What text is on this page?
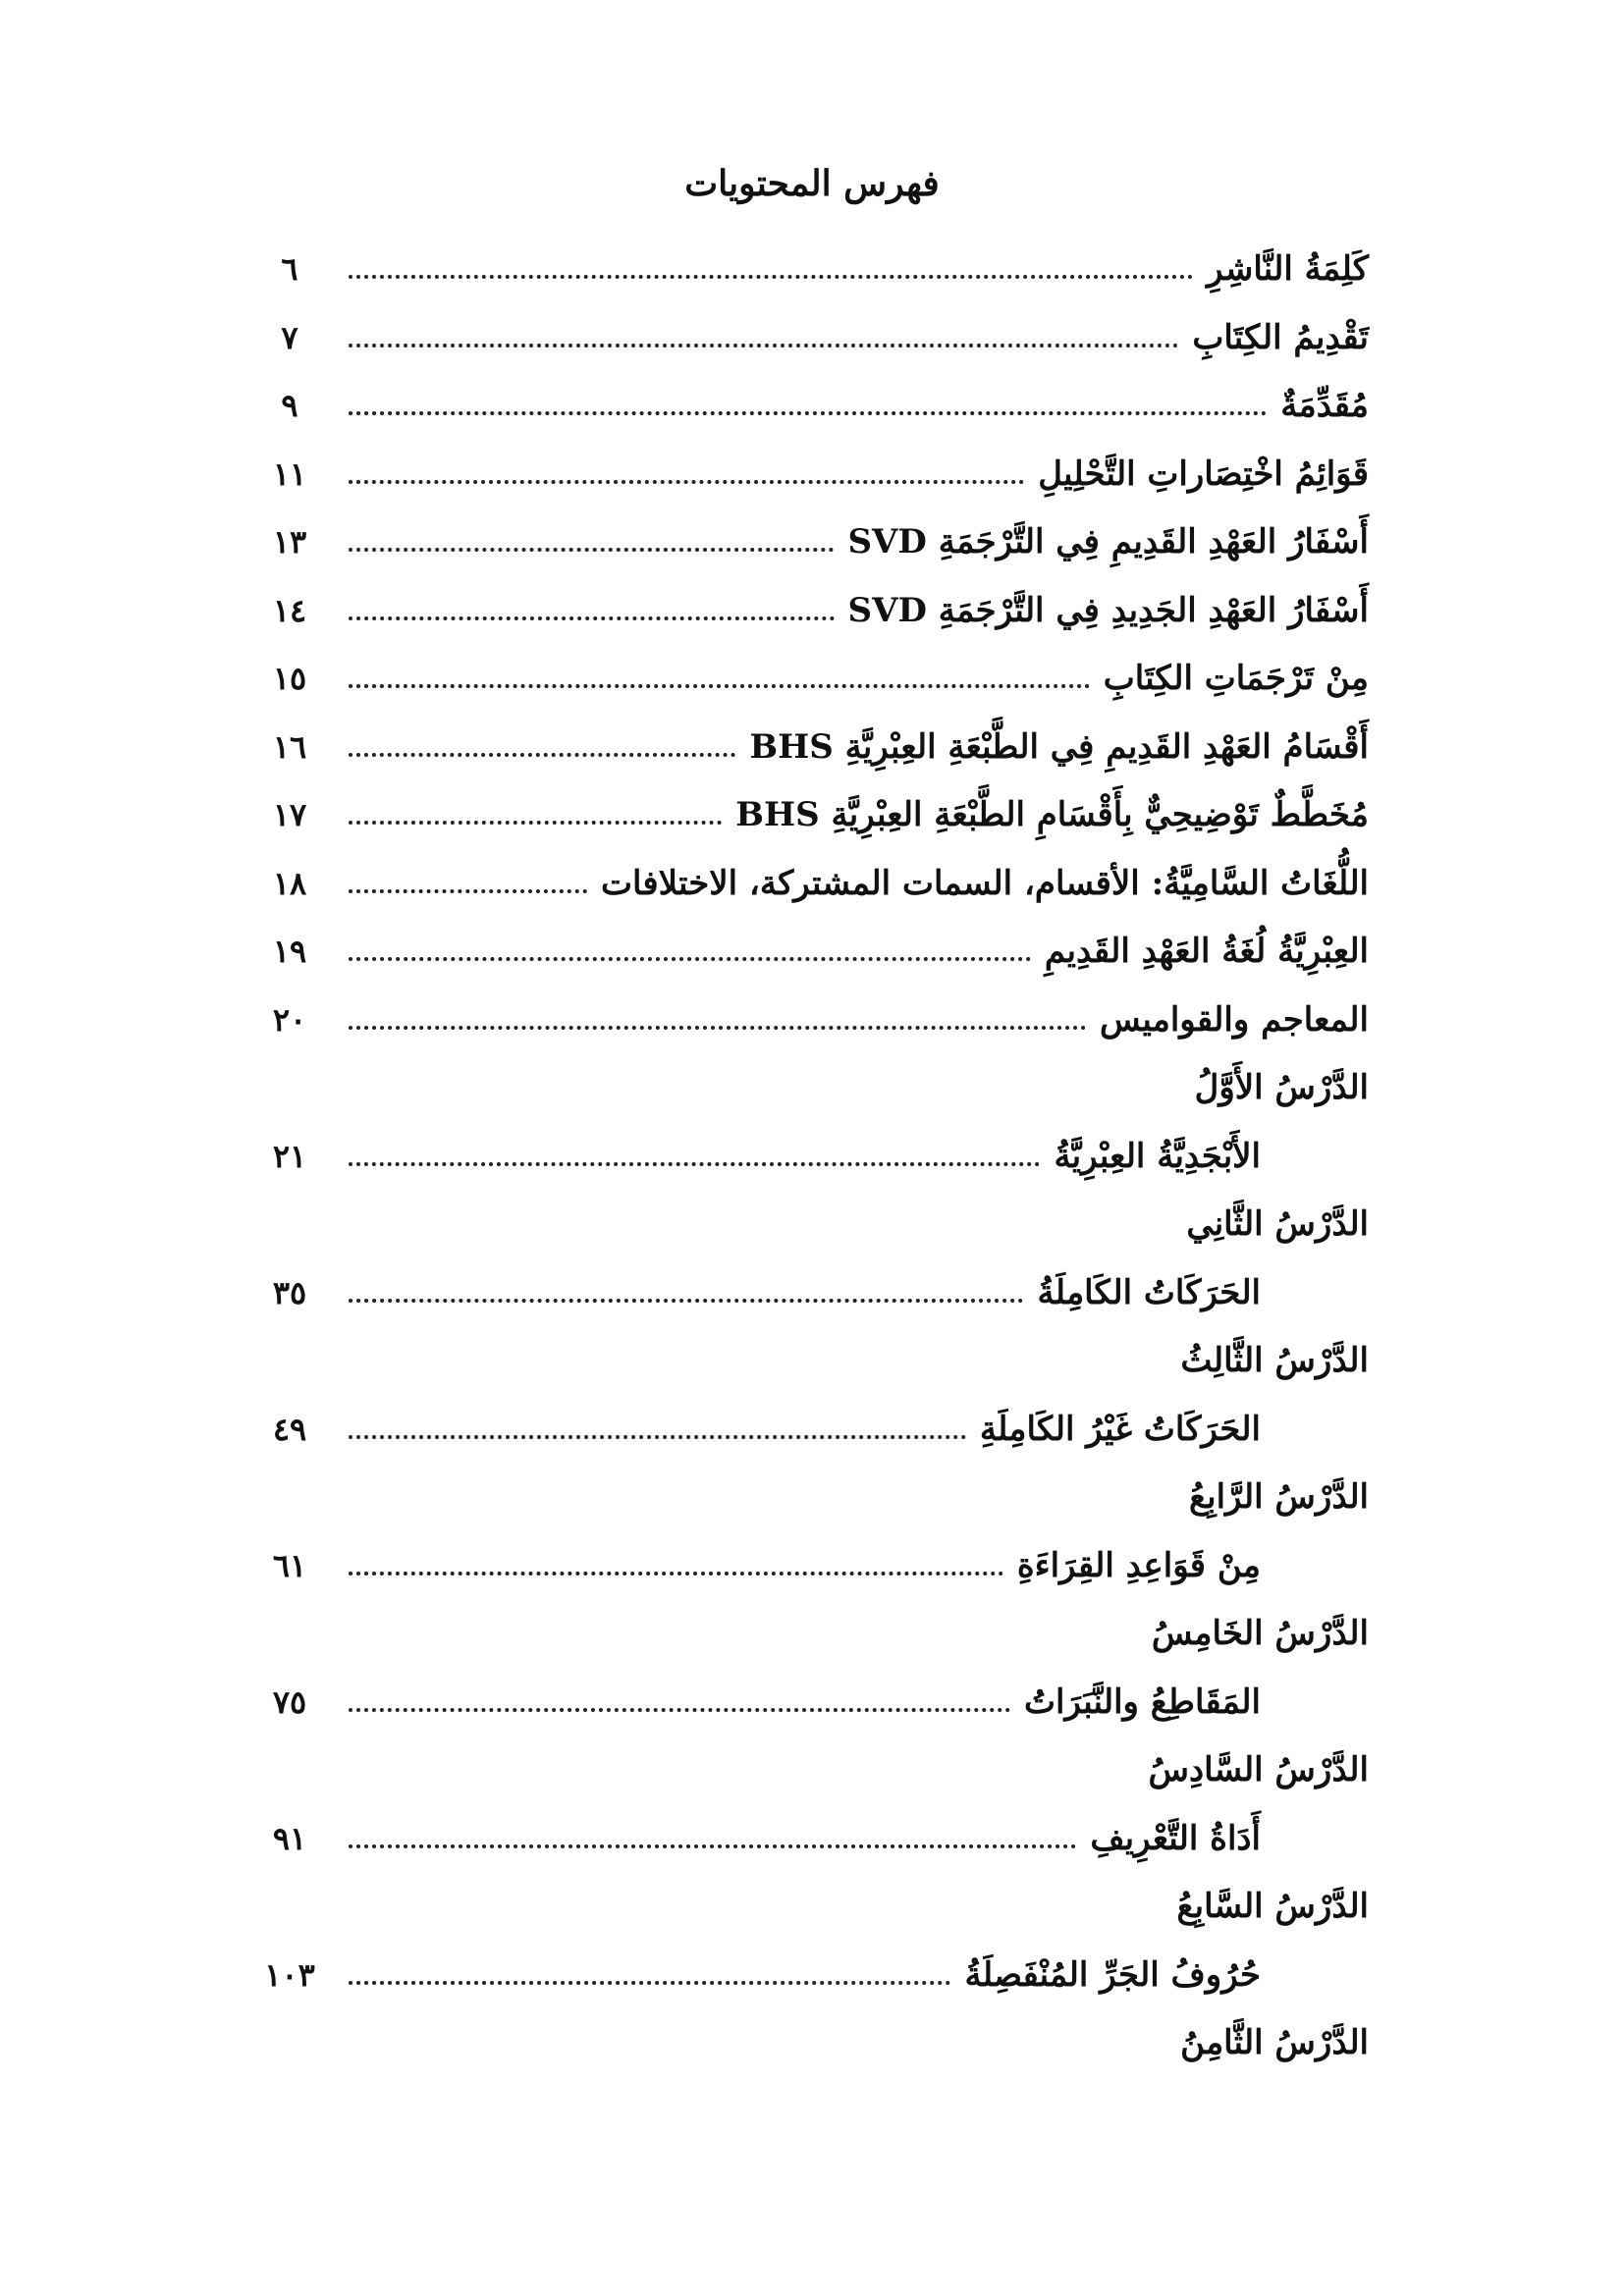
فهرس المحتويات
كَلِمَةُ النَّاشِرِ
٦
تَقْدِيمُ الكِتَابِ
٧
مُقَدِّمَةٌ
٩
قَوَائِمُ اخْتِصَاراتِ التَّحْلِيلِ
١١
أَسْفَارُ العَهْدِ القَدِيمِ فِي التَّرْجَمَةِ SVD
١٣
أَسْفَارُ العَهْدِ الجَدِيدِ فِي التَّرْجَمَةِ SVD
١٤
مِنْ تَرْجَمَاتِ الكِتَابِ
١٥
أَقْسَامُ العَهْدِ القَدِيمِ فِي الطَّبْعَةِ العِبْرِيَّةِ BHS
١٦
مُخَطَّطٌ تَوْضِيحِيٌّ بِأَقْسَامِ الطَّبْعَةِ العِبْرِيَّةِ BHS
١٧
اللُّغَاتُ السَّامِيَّةُ: الأقسام، السمات المشتركة، الاختلافات
١٨
العِبْرِيَّةُ لُغَةُ العَهْدِ القَدِيمِ
١٩
المعاجم والقواميس
٢٠
الدَّرْسُ الأَوَّلُ
الأَبْجَدِيَّةُ العِبْرِيَّةُ
٢١
الدَّرْسُ الثَّانِي
الحَرَكَاتُ الكَامِلَةُ
٣٥
الدَّرْسُ الثَّالِثُ
الحَرَكَاتُ غَيْرُ الكَامِلَةِ
٤٩
الدَّرْسُ الرَّابِعُ
مِنْ قَوَاعِدِ القِرَاءَةِ
٦١
الدَّرْسُ الخَامِسُ
المَقَاطِعُ والنَّبَرَاتُ
٧٥
الدَّرْسُ السَّادِسُ
أَدَاةُ التَّعْرِيفِ
٩١
الدَّرْسُ السَّابِعُ
حُرُوفُ الجَرِّ المُنْفَصِلَةُ
١٠٣
الدَّرْسُ الثَّامِنُ
